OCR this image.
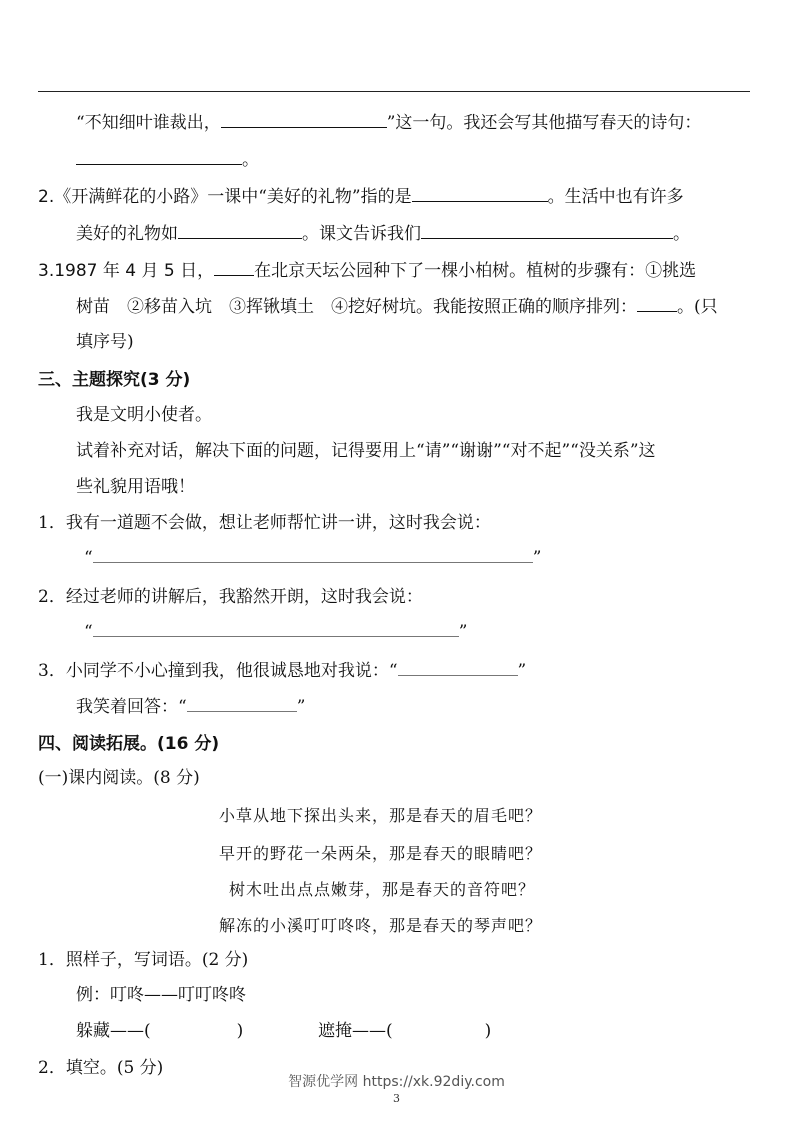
“不知细叶谁裁出，	”这一句。我还会写其他描写春天的诗句：
。
2.《开满鲜花的小路》一课中“美好的礼物”指的是	。生活中也有许多
美好的礼物如	。课文告诉我们	。
3.1987 年 4 月 5 日， 在北京天坛公园种下了一棵小柏树。植树的步骤有：①挑选
树苗　②移苗入坑　③挥锹填土　④挖好树坑。我能按照正确的顺序排列： 。(只
填序号)
三、主题探究(3 分)
我是文明小使者。
试着补充对话，解决下面的问题，记得要用上“请”“谢谢”“对不起”“没关系”这
些礼貌用语哦！
1．我有一道题不会做，想让老师帮忙讲一讲，这时我会说：
“	”
2．经过老师的讲解后，我豁然开朗，这时我会说：
“	”
3．小同学不小心撞到我，他很诚恳地对我说：“	”
我笑着回答：“	”
四、阅读拓展。(16 分)
(一)课内阅读。(8 分)
小草从地下探出头来，那是春天的眉毛吧？
早开的野花一朵两朵，那是春天的眼睛吧？
树木吐出点点嫩芽，那是春天的音符吧？
解冻的小溪叮叮咚咚，那是春天的琴声吧？
1．照样子，写词语。(2 分)
例：叮咚——叮叮咚咚
躲藏——(	)	遮掩——(	)
2．填空。(5 分)
智源优学网 https://xk.92diy.com
3
